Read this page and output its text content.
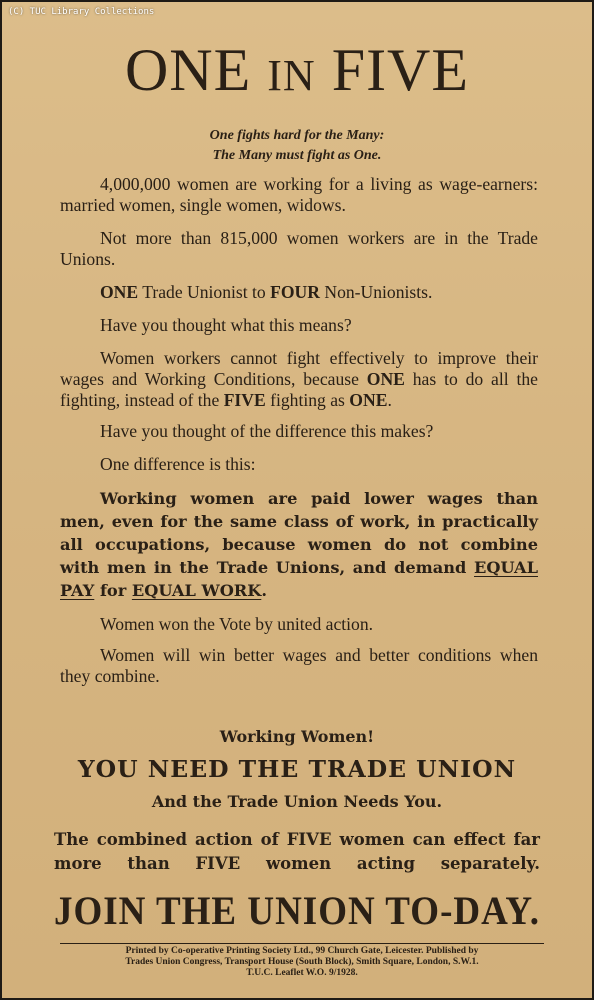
(C) TUC Library Collections
ONE IN FIVE
One fights hard for the Many:
The Many must fight as One.

4,000,000 women are working for a living as wage-earners: married women, single women, widows.

Not more than 815,000 women workers are in the Trade Unions.

ONE Trade Unionist to FOUR Non-Unionists.

Have you thought what this means?

Women workers cannot fight effectively to improve their wages and Working Conditions, because ONE has to do all the fighting, instead of the FIVE fighting as ONE.

Have you thought of the difference this makes?

One difference is this:

Working women are paid lower wages than men, even for the same class of work, in practically all occupations, because women do not combine with men in the Trade Unions, and demand EQUAL PAY for EQUAL WORK.

Women won the Vote by united action.

Women will win better wages and better conditions when they combine.

Working Women!
YOU NEED THE TRADE UNION
And the Trade Union Needs You.
The combined action of FIVE women can effect far more than FIVE women acting separately.
JOIN THE UNION TO-DAY.
Printed by Co-operative Printing Society Ltd., 99 Church Gate, Leicester. Published by
Trades Union Congress, Transport House (South Block), Smith Square, London, S.W.1.
T.U.C. Leaflet W.O. 9/1928.
